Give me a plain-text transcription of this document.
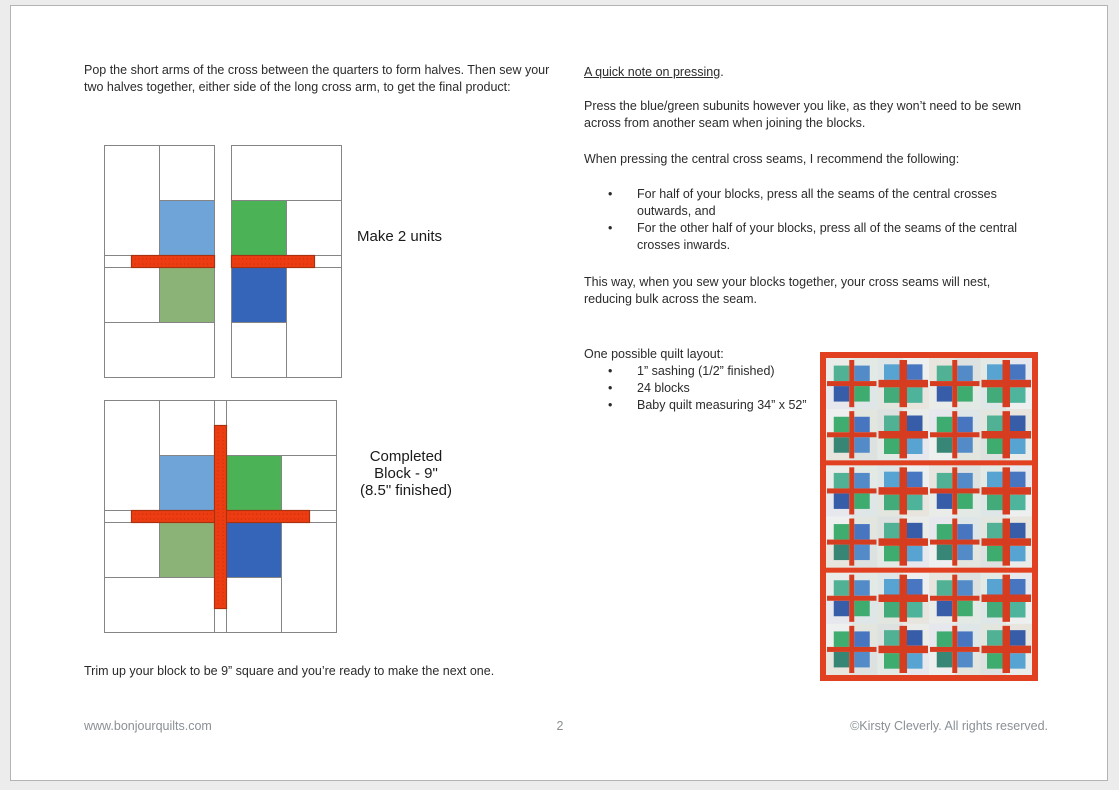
Pop the short arms of the cross between the quarters to form halves. Then sew your two halves together, either side of the long cross arm, to get the final product:
Make 2 units
Completed
Block - 9"
(8.5" finished)
Trim up your block to be 9” square and you’re ready to make the next one.
A quick note on pressing.
Press the blue/green subunits however you like, as they won’t need to be sewn across from another seam when joining the blocks.
When pressing the central cross seams, I recommend the following:
•	For half of your blocks, press all the seams of the central crosses outwards, and
•	For the other half of your blocks, press all of the seams of the central crosses inwards.
This way, when you sew your blocks together, your cross seams will nest, reducing bulk across the seam.
One possible quilt layout:
•	1” sashing (1/2” finished)
•	24 blocks
•	Baby quilt measuring 34” x 52”
www.bonjourquilts.com	2	©Kirsty Cleverly. All rights reserved.
